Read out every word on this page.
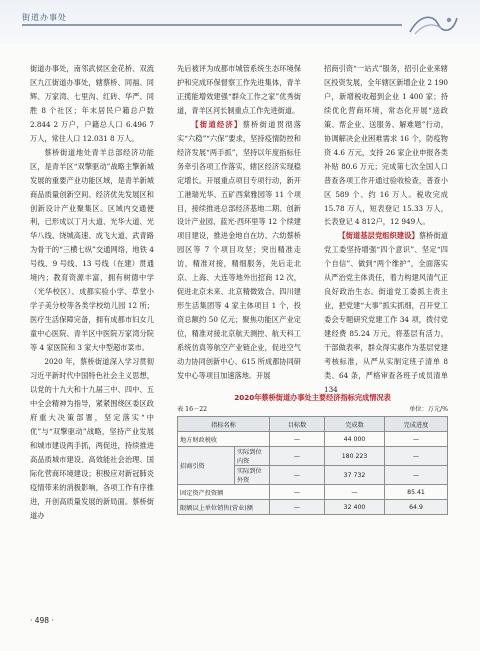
街道办事处

街道办事处，南邻武侯区金花桥、双流区九江街道办事处，辖蔡桥、同福、同辉、万家湾、七里沟、红砖、华严、同胜 8 个社区；年末居民户籍总户数 2.844 2 万户，户籍总人口 6.496 7 万人，常住人口 12.031 8 万人。

蔡桥街道地处青羊总部经济功能区，是青羊区“双擎驱动”战略主擎新城发展的重要产业功能区域，是青羊新城商品质量创新空间、经济优先发展区和创新设计产业聚集区。区域内交通便利，已形成以丁月大道、光华大道、光华八线、饶城高速、成飞大道、武青路为骨干的“三横七纵”交通网络，地铁 4 号线、9 号线、13 号线（在建）贯通境内；教育资源丰富，拥有树德中学（光华校区）、成都实验小学、草堂小学子美分校等各类学校幼儿园 12 所；医疗生活保障完备，拥有成都市妇女儿童中心医院、青羊区中医院万家湾分院等 4 家医院和 3 家大中型超市菜市。

2020 年，蔡桥街道深入学习贯彻习近平新时代中国特色社会主义思想，以党的十九大和十九届三中、四中、五中全会精神为指导，紧紧围绕区委区政府重大决策部署，坚定落实“中优”与“双擎驱动”战略，坚持产业发展和城市建设两手抓，两促进，持续推进高品质城市建设、高效能社会治理、国际化营商环境建设；积极应对新冠肺炎疫情带来的消极影响，各项工作有序推进，开创高质量发展的新局面。蔡桥街道办

先后被评为成都市城管系统生态环境保护和完成环保督察工作先进集体，青羊正揽能增效建强“群众工作之家”优秀街道，青羊区河长制重点工作先进街道。

【街道经济】蔡桥街道贯彻落实“六稳”“六保”要求，坚持疫情防控和经济发展“两手抓”，坚持以年度指标任务牵引各项工作落实，辖区经济实现稳定增长。开展重点项目专项行动，新开工港瑞光华、五矿西棠雅园等 11 个项目，接续推进总部经济基地二期、创新设计产业园、蓝光·西环里等 12 个续建项目建设，推进金地自在坊、六幼蔡桥园区等 7 个项目攻坚；突出精准走访，精准对接，精细服务，先后走北京、上海、大连等地外出招商 12 次，促进北京未来、北京精微致合、四川建形生活集团等 4 家主体项目 1 个，投资总额约 50 亿元；聚焦功能区产业定位，精准对接北京航天测控、航天科工系统仿真等航空产业链企业，促进空气动力协同创新中心、615 所成都协同研发中心等项目加速落地。开展

招商引资“一站式”服务，招引企业来辖区投资发展，全年辖区新增企业 2 190 户，新增税收超到企业 1 400 家；持续优化营商环境，常态化开展“送政策、帮企业、送服务、解难题”行动，协调解决企业困难需求 16 个，防疫物资 4.6 万元，支持 26 家企业申报各类补贴 80.6 万元；完成第七次全国人口普查各项工作开通过验收检查，普查小区 589 个、约 16 万人。税收完成 15.78 万人，短表登记 15.33 万人，长表登记 4 812户，12 949人。

【街道基层党组织建设】蔡桥街道党工委坚持增强“四个意识”、坚定“四个自信”、做到“两个维护”，全面落实从严治党主体责任，着力构建风清气正良好政治生态。街道党工委抓主责主业，把党建“大事”抓实抓细，召开党工委会专题研究党建工作 34 项，拨付党建经费 85.24 万元，将基层有活力，干部做表率，群众得实惠作为基层党建考核标准，从严从实制定班子清单 8 类、64 条，严格审查各班子成员清单 134

2020年蔡桥街道办事处主要经济指标完成情况表
表 16－22	单位：万元/%
指标名称		目标数	完成数	完成进度
地方财政税收		—	44 000	—
招商引资	实际到位内资	—	180 223	—
	实际到位外资	—	37 732	—
固定资产投资额		—	—	85.41
限额以上单位销售(营业)额		—	32 400	64.9
· 498 ·
